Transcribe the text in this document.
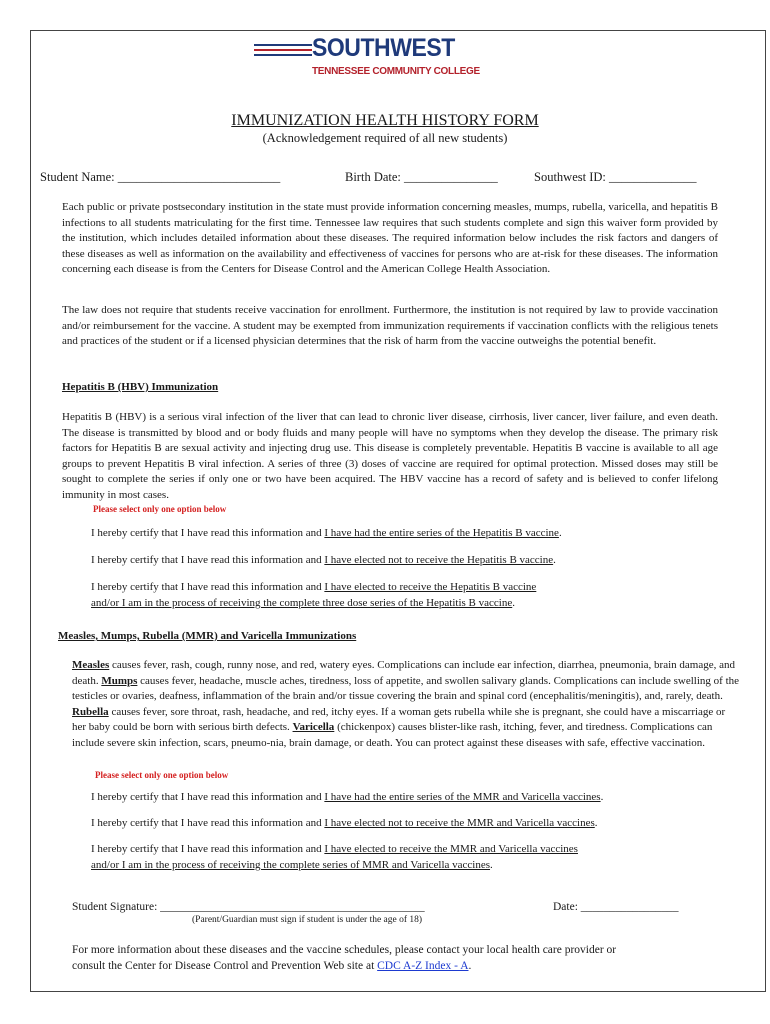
SOUTHWEST
TENNESSEE COMMUNITY COLLEGE
IMMUNIZATION HEALTH HISTORY FORM
(Acknowledgement required of all new students)
Student Name: __________________________	Birth Date: _______________	Southwest ID: ______________

Each public or private postsecondary institution in the state must provide information concerning measles, mumps, rubella, varicella, and hepatitis B infections to all students matriculating for the first time. Tennessee law requires that such students complete and sign this waiver form provided by the institution, which includes detailed information about these diseases. The required information below includes the risk factors and dangers of these diseases as well as information on the availability and effectiveness of vaccines for persons who are at-risk for these diseases. The information concerning each disease is from the Centers for Disease Control and the American College Health Association.

The law does not require that students receive vaccination for enrollment. Furthermore, the institution is not required by law to provide vaccination and/or reimbursement for the vaccine. A student may be exempted from immunization requirements if vaccination conflicts with the religious tenets and practices of the student or if a licensed physician determines that the risk of harm from the vaccine outweighs the potential benefit.

Hepatitis B (HBV) Immunization

Hepatitis B (HBV) is a serious viral infection of the liver that can lead to chronic liver disease, cirrhosis, liver cancer, liver failure, and even death. The disease is transmitted by blood and or body fluids and many people will have no symptoms when they develop the disease. The primary risk factors for Hepatitis B are sexual activity and injecting drug use. This disease is completely preventable. Hepatitis B vaccine is available to all age groups to prevent Hepatitis B viral infection. A series of three (3) doses of vaccine are required for optimal protection. Missed doses may still be sought to complete the series if only one or two have been acquired. The HBV vaccine has a record of safety and is believed to confer lifelong immunity in most cases.

Please select only one option below
I hereby certify that I have read this information and I have had the entire series of the Hepatitis B vaccine.
I hereby certify that I have read this information and I have elected not to receive the Hepatitis B vaccine.
I hereby certify that I have read this information and I have elected to receive the Hepatitis B vaccine
and/or I am in the process of receiving the complete three dose series of the Hepatitis B vaccine.
Measles, Mumps, Rubella (MMR) and Varicella Immunizations

Measles causes fever, rash, cough, runny nose, and red, watery eyes. Complications can include ear infection, diarrhea, pneumonia, brain damage, and death. Mumps causes fever, headache, muscle aches, tiredness, loss of appetite, and swollen salivary glands. Complications can include swelling of the testicles or ovaries, deafness, inflammation of the brain and/or tissue covering the brain and spinal cord (encephalitis/meningitis), and, rarely, death. Rubella causes fever, sore throat, rash, headache, and red, itchy eyes. If a woman gets rubella while she is pregnant, she could have a miscarriage or her baby could be born with serious birth defects. Varicella (chickenpox) causes blister-like rash, itching, fever, and tiredness. Complications can include severe skin infection, scars, pneumo-nia, brain damage, or death. You can protect against these diseases with safe, effective vaccination.

Please select only one option below
I hereby certify that I have read this information and I have had the entire series of the MMR and Varicella vaccines.
I hereby certify that I have read this information and I have elected not to receive the MMR and Varicella vaccines.
I hereby certify that I have read this information and I have elected to receive the MMR and Varicella vaccines
and/or I am in the process of receiving the complete series of MMR and Varicella vaccines.
Student Signature: ______________________________________________	Date: _________________
(Parent/Guardian must sign if student is under the age of 18)
For more information about these diseases and the vaccine schedules, please contact your local health care provider or
consult the Center for Disease Control and Prevention Web site at CDC A-Z Index - A.
